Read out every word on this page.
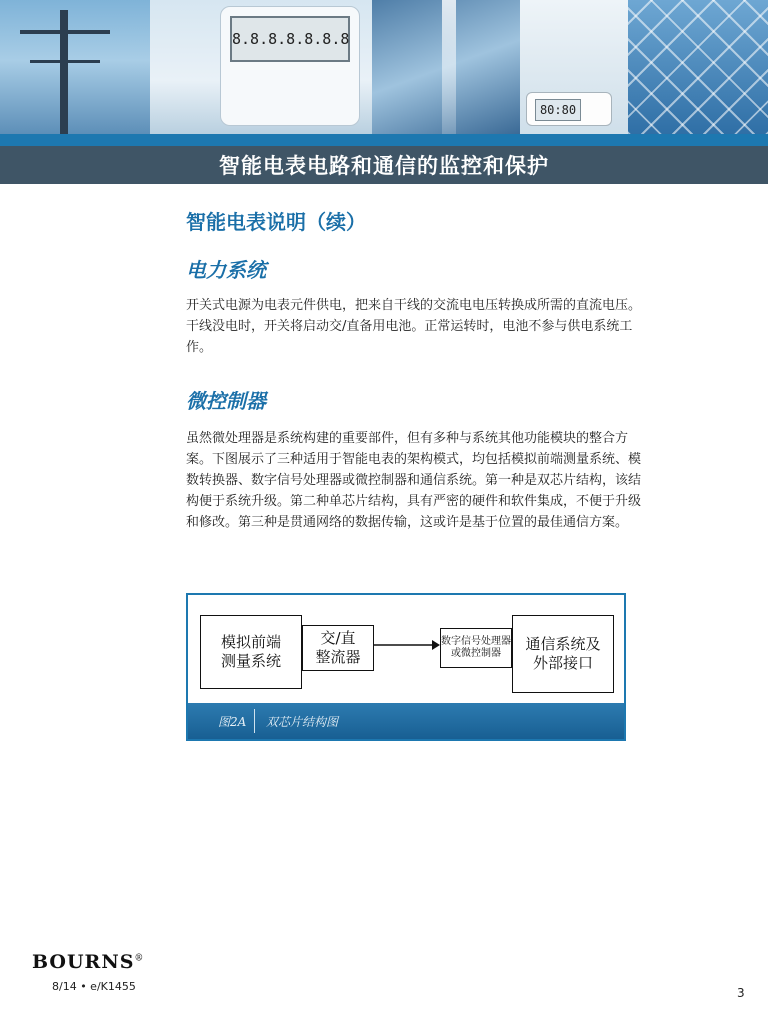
8.8.8.8.8.8.8
80:80
智能电表电路和通信的监控和保护
智能电表说明（续）
电力系统
开关式电源为电表元件供电，把来自干线的交流电电压转换成所需的直流电压。
干线没电时，开关将启动交/直备用电池。正常运转时，电池不参与供电系统工
作。
微控制器
虽然微处理器是系统构建的重要部件，但有多种与系统其他功能模块的整合方
案。下图展示了三种适用于智能电表的架构模式，均包括模拟前端测量系统、模
数转换器、数字信号处理器或微控制器和通信系统。第一种是双芯片结构，该结
构便于系统升级。第二种单芯片结构，具有严密的硬件和软件集成，不便于升级
和修改。第三种是贯通网络的数据传输，这或许是基于位置的最佳通信方案。
模拟前端
测量系统
交/直
整流器
数字信号处理器
或微控制器
通信系统及
外部接口
图2A 双芯片结构图
BOURNS®
8/14 • e/K1455	3
